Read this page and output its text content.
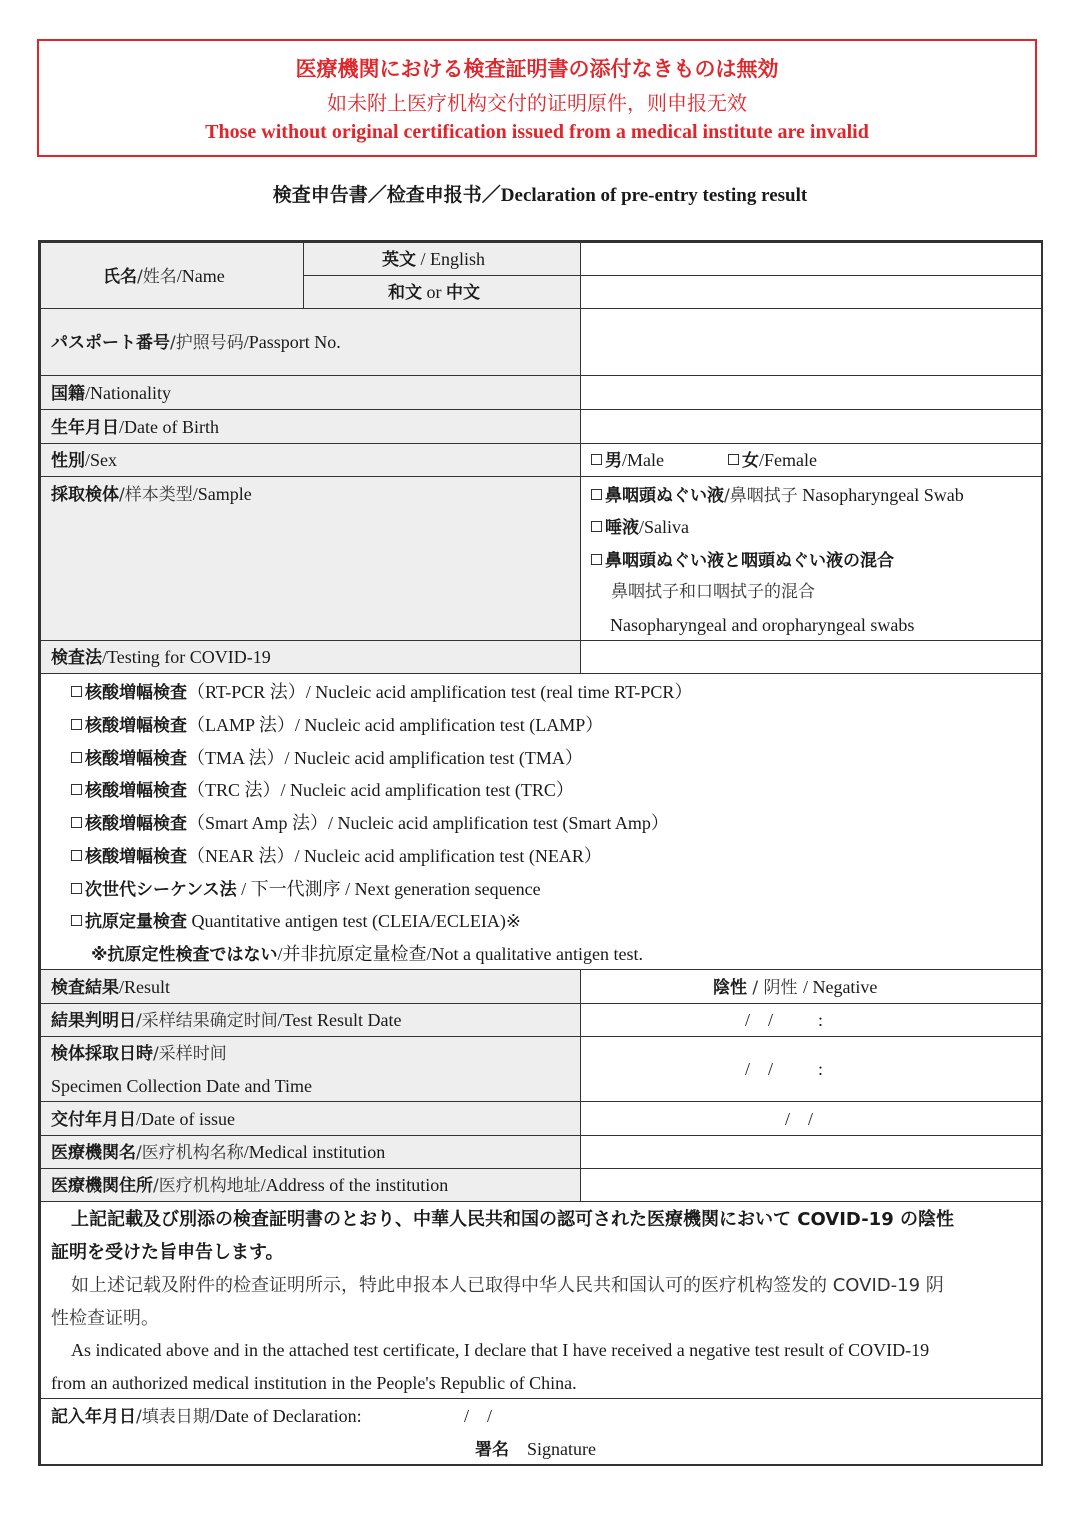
医療機関における検査証明書の添付なきものは無効
如未附上医疗机构交付的证明原件，则申报无效
Those without original certification issued from a medical institute are invalid
検査申告書／检查申报书／Declaration of pre-entry testing result
氏名/姓名/Name
英文 / English
和文 or 中文
パスポート番号/护照号码/Passport No.
国籍/Nationality
生年月日/Date of Birth
性別/Sex	男/Male	女/Female
採取検体/样本类型/Sample	鼻咽頭ぬぐい液/鼻咽拭子 Nasopharyngeal Swab
唾液/Saliva
鼻咽頭ぬぐい液と咽頭ぬぐい液の混合
鼻咽拭子和口咽拭子的混合
Nasopharyngeal and oropharyngeal swabs
検査法/Testing for COVID-19
核酸増幅検査（RT-PCR 法）/ Nucleic acid amplification test (real time RT-PCR）
核酸増幅検査（LAMP 法）/ Nucleic acid amplification test (LAMP）
核酸増幅検査（TMA 法）/ Nucleic acid amplification test (TMA）
核酸増幅検査（TRC 法）/ Nucleic acid amplification test (TRC）
核酸増幅検査（Smart Amp 法）/ Nucleic acid amplification test (Smart Amp）
核酸増幅検査（NEAR 法）/ Nucleic acid amplification test (NEAR）
次世代シーケンス法 / 下一代測序 / Next generation sequence
抗原定量検査 Quantitative antigen test (CLEIA/ECLEIA)※
※抗原定性検査ではない/并非抗原定量检查/Not a qualitative antigen test.
検査結果/Result	陰性 / 阴性 / Negative
結果判明日/采样结果确定时间/Test Result Date	/    /          :
検体採取日時/采样时间
Specimen Collection Date and Time
/    /          :
交付年月日/Date of issue	/    /
医療機関名/医疗机构名称/Medical institution
医療機関住所/医疗机构地址/Address of the institution
上記記載及び別添の検査証明書のとおり、中華人民共和国の認可された医療機関において COVID-19 の陰性
証明を受けた旨申告します。
如上述记载及附件的检查证明所示，特此申报本人已取得中华人民共和国认可的医疗机构签发的 COVID-19 阴
性检查证明。
As indicated above and in the attached test certificate, I declare that I have received a negative test result of COVID-19
from an authorized medical institution in the People's Republic of China.
記入年月日/填表日期/Date of Declaration:	/    /
署名 Signature
